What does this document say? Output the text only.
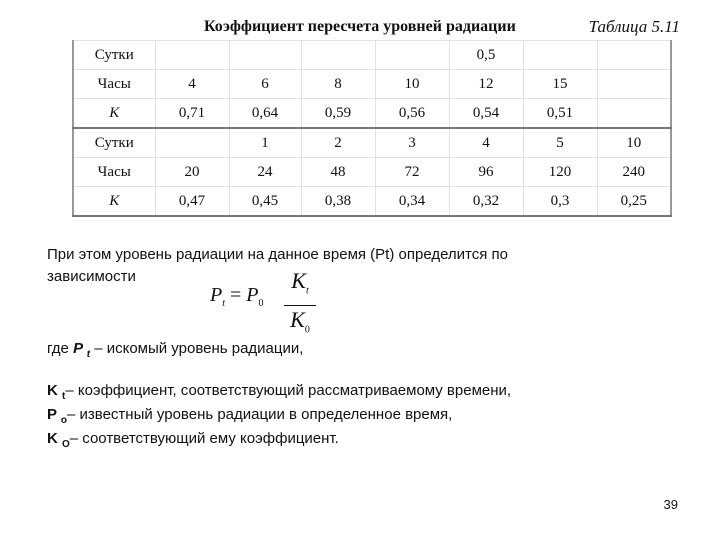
Коэффициент пересчета уровней радиации	Таблица 5.11
Сутки					0,5		
Часы	4	6	8	10	12	15	
K	0,71	0,64	0,59	0,56	0,54	0,51	
Сутки		1	2	3	4	5	10
Часы	20	24	48	72	96	120	240
K	0,47	0,45	0,38	0,34	0,32	0,3	0,25
При этом уровень радиации на данное время (Pt) определится по
зависимости
$P_t = P_0$
$K_t$
$K_0$
где P $_t$ – искомый уровень радиации,
K $_t$– коэффициент, соответствующий рассматриваемому времени,
P $_o$– известный уровень радиации в определенное время,
K $_O$– соответствующий ему коэффициент.
39
